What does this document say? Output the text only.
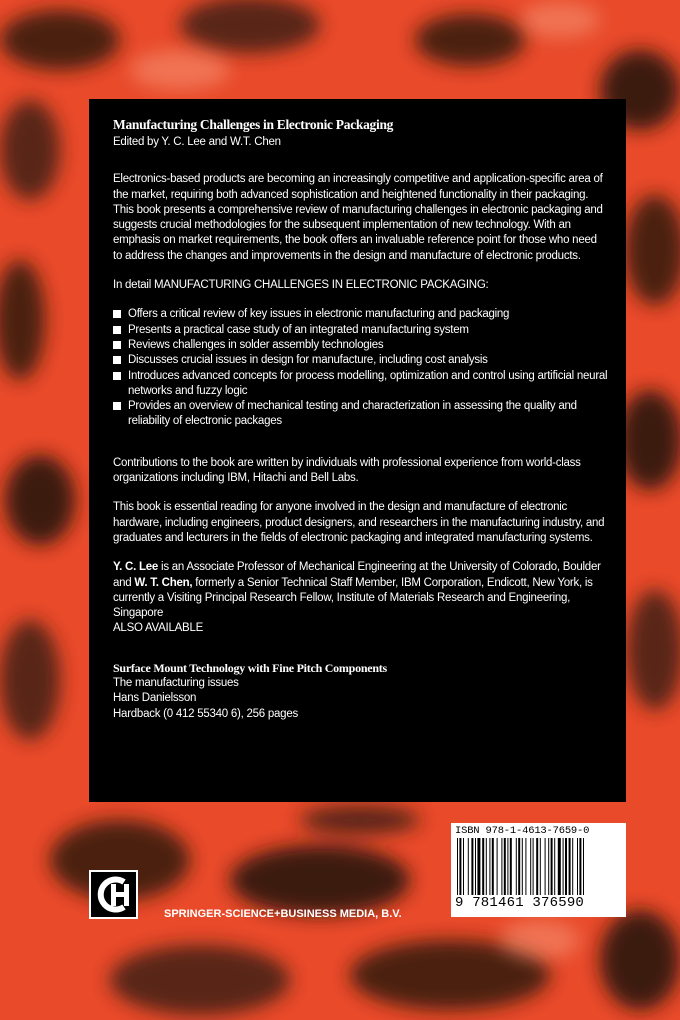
Manufacturing Challenges in Electronic Packaging

Edited by Y. C. Lee and W.T. Chen

Electronics-based products are becoming an increasingly competitive and application-specific area of the market, requiring both advanced sophistication and heightened functionality in their packaging. This book presents a comprehensive review of manufacturing challenges in electronic packaging and suggests crucial methodologies for the subsequent implementation of new technology. With an emphasis on market requirements, the book offers an invaluable reference point for those who need to address the changes and improvements in the design and manufacture of electronic products.

In detail MANUFACTURING CHALLENGES IN ELECTRONIC PACKAGING:

Offers a critical review of key issues in electronic manufacturing and packaging
Presents a practical case study of an integrated manufacturing system
Reviews challenges in solder assembly technologies
Discusses crucial issues in design for manufacture, including cost analysis
Introduces advanced concepts for process modelling, optimization and control using artificial neural networks and fuzzy logic
Provides an overview of mechanical testing and characterization in assessing the quality and reliability of electronic packages

Contributions to the book are written by individuals with professional experience from world-class organizations including IBM, Hitachi and Bell Labs.

This book is essential reading for anyone involved in the design and manufacture of electronic hardware, including engineers, product designers, and researchers in the manufacturing industry, and graduates and lecturers in the fields of electronic packaging and integrated manufacturing systems.

Y. C. Lee is an Associate Professor of Mechanical Engineering at the University of Colorado, Boulder and W. T. Chen, formerly a Senior Technical Staff Member, IBM Corporation, Endicott, New York, is currently a Visiting Principal Research Fellow, Institute of Materials Research and Engineering, Singapore

ALSO AVAILABLE

Surface Mount Technology with Fine Pitch Components

The manufacturing issues

Hans Danielsson

Hardback (0 412 55340 6), 256 pages

ISBN 978-1-4613-7659-0
9 781461 376590
SPRINGER-SCIENCE+BUSINESS MEDIA, B.V.
